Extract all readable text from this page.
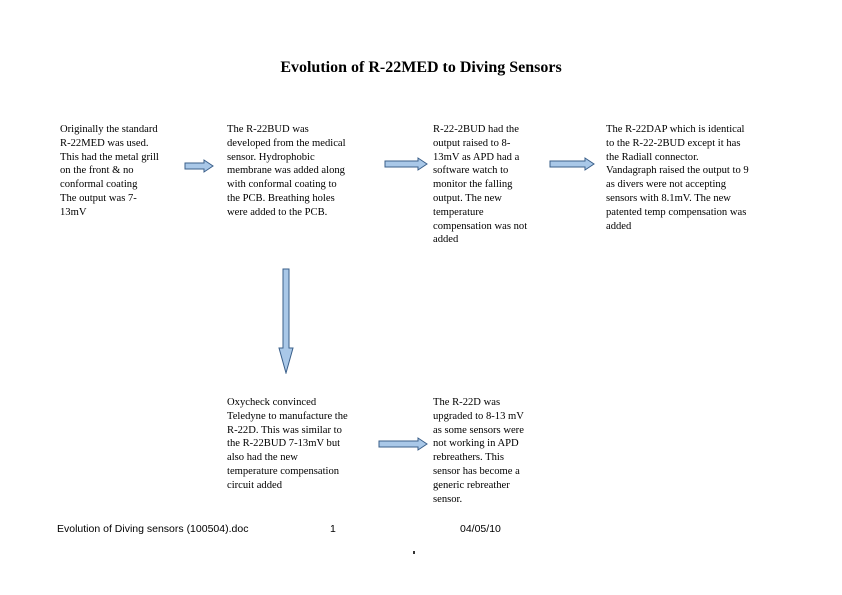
Evolution of R-22MED to Diving Sensors
Originally the standard
R-22MED was used.
This had the metal grill
on the front & no
conformal coating
The output was 7-
13mV
The R-22BUD was
developed from the medical
sensor. Hydrophobic
membrane was added along
with conformal coating to
the PCB. Breathing holes
were added to the PCB.
R-22-2BUD had the
output raised to 8-
13mV as APD had a
software watch to
monitor the falling
output. The new
temperature
compensation was not
added
The R-22DAP which is identical
to the R-22-2BUD except it has
the Radiall connector.
Vandagraph raised the output to 9
as divers were not accepting
sensors with 8.1mV. The new
patented temp compensation was
added
Oxycheck convinced
Teledyne to manufacture the
R-22D. This was similar to
the R-22BUD 7-13mV but
also had the new
temperature compensation
circuit added
The R-22D was
upgraded to 8-13 mV
as some sensors were
not working in APD
rebreathers. This
sensor has become a
generic rebreather
sensor.
Evolution of Diving sensors (100504).doc	1	04/05/10
